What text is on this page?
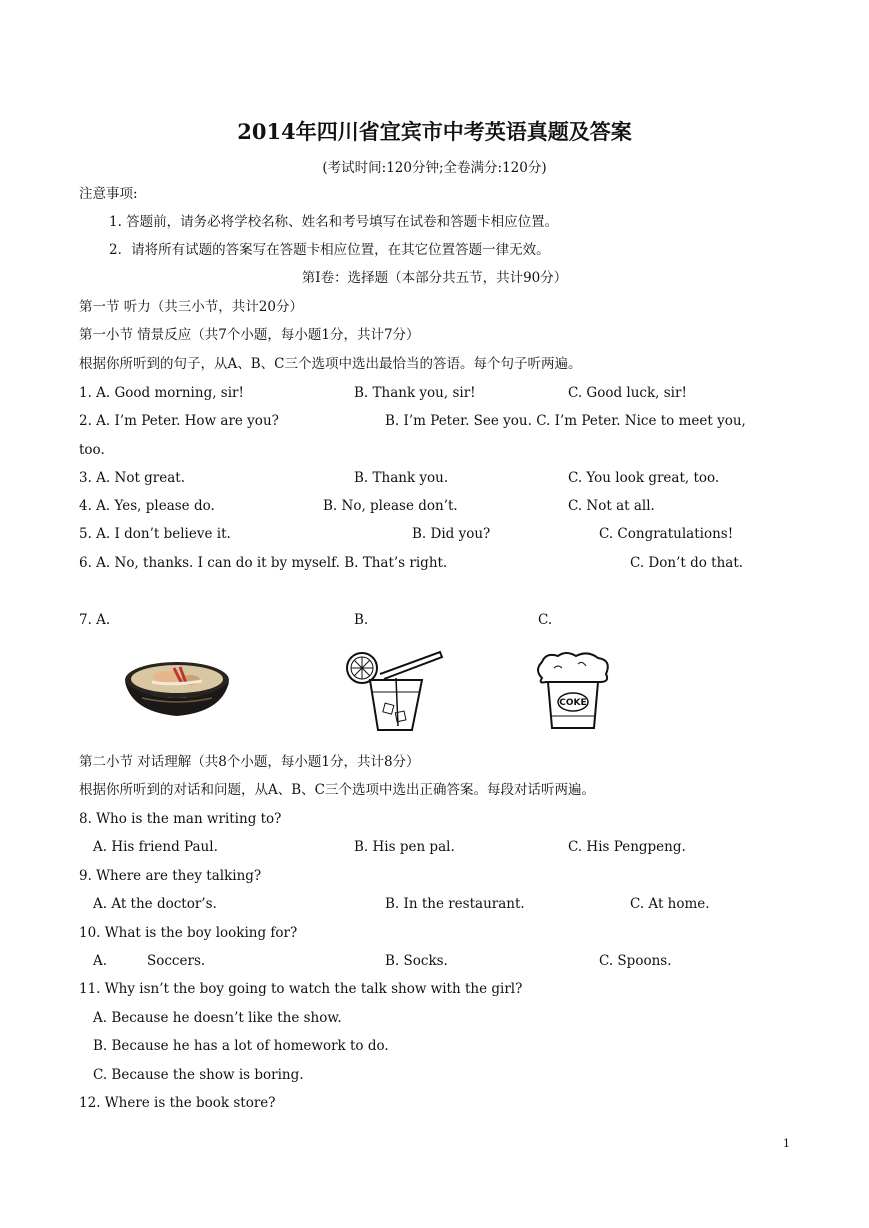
2014年四川省宜宾市中考英语真题及答案
(考试时间:120分钟;全卷满分:120分)
注意事项:
1. 答题前，请务必将学校名称、姓名和考号填写在试卷和答题卡相应位置。
2．请将所有试题的答案写在答题卡相应位置，在其它位置答题一律无效。
第Ⅰ卷：选择题（本部分共五节，共计90分）
第一节 听力（共三小节，共计20分）
第一小节 情景反应（共7个小题，每小题1分，共计7分）
根据你所听到的句子，从A、B、C三个选项中选出最恰当的答语。每个句子听两遍。
1. A. Good morning, sir!	B. Thank you, sir!	C. Good luck, sir!
2. A. I’m Peter. How are you?	B. I’m Peter. See you. C. I’m Peter. Nice to meet you,
too.
3. A. Not great.	B. Thank you.	C. You look great, too.
4. A. Yes, please do.	B. No, please don’t.	C. Not at all.
5. A. I don’t believe it.	B. Did you?	C. Congratulations!
6. A. No, thanks. I can do it by myself. B. That’s right.	C. Don’t do that.
7. A.	B.	C.
COKE
第二小节 对话理解（共8个小题，每小题1分，共计8分）
根据你所听到的对话和问题，从A、B、C三个选项中选出正确答案。每段对话听两遍。
8. Who is the man writing to?
A. His friend Paul.	B. His pen pal.	C. His Pengpeng.
9. Where are they talking?
A. At the doctor’s.	B. In the restaurant.	C. At home.
10. What is the boy looking for?
A.	Soccers.	B. Socks.	C. Spoons.
11. Why isn’t the boy going to watch the talk show with the girl?
A. Because he doesn’t like the show.
B. Because he has a lot of homework to do.
C. Because the show is boring.
12. Where is the book store?
1
